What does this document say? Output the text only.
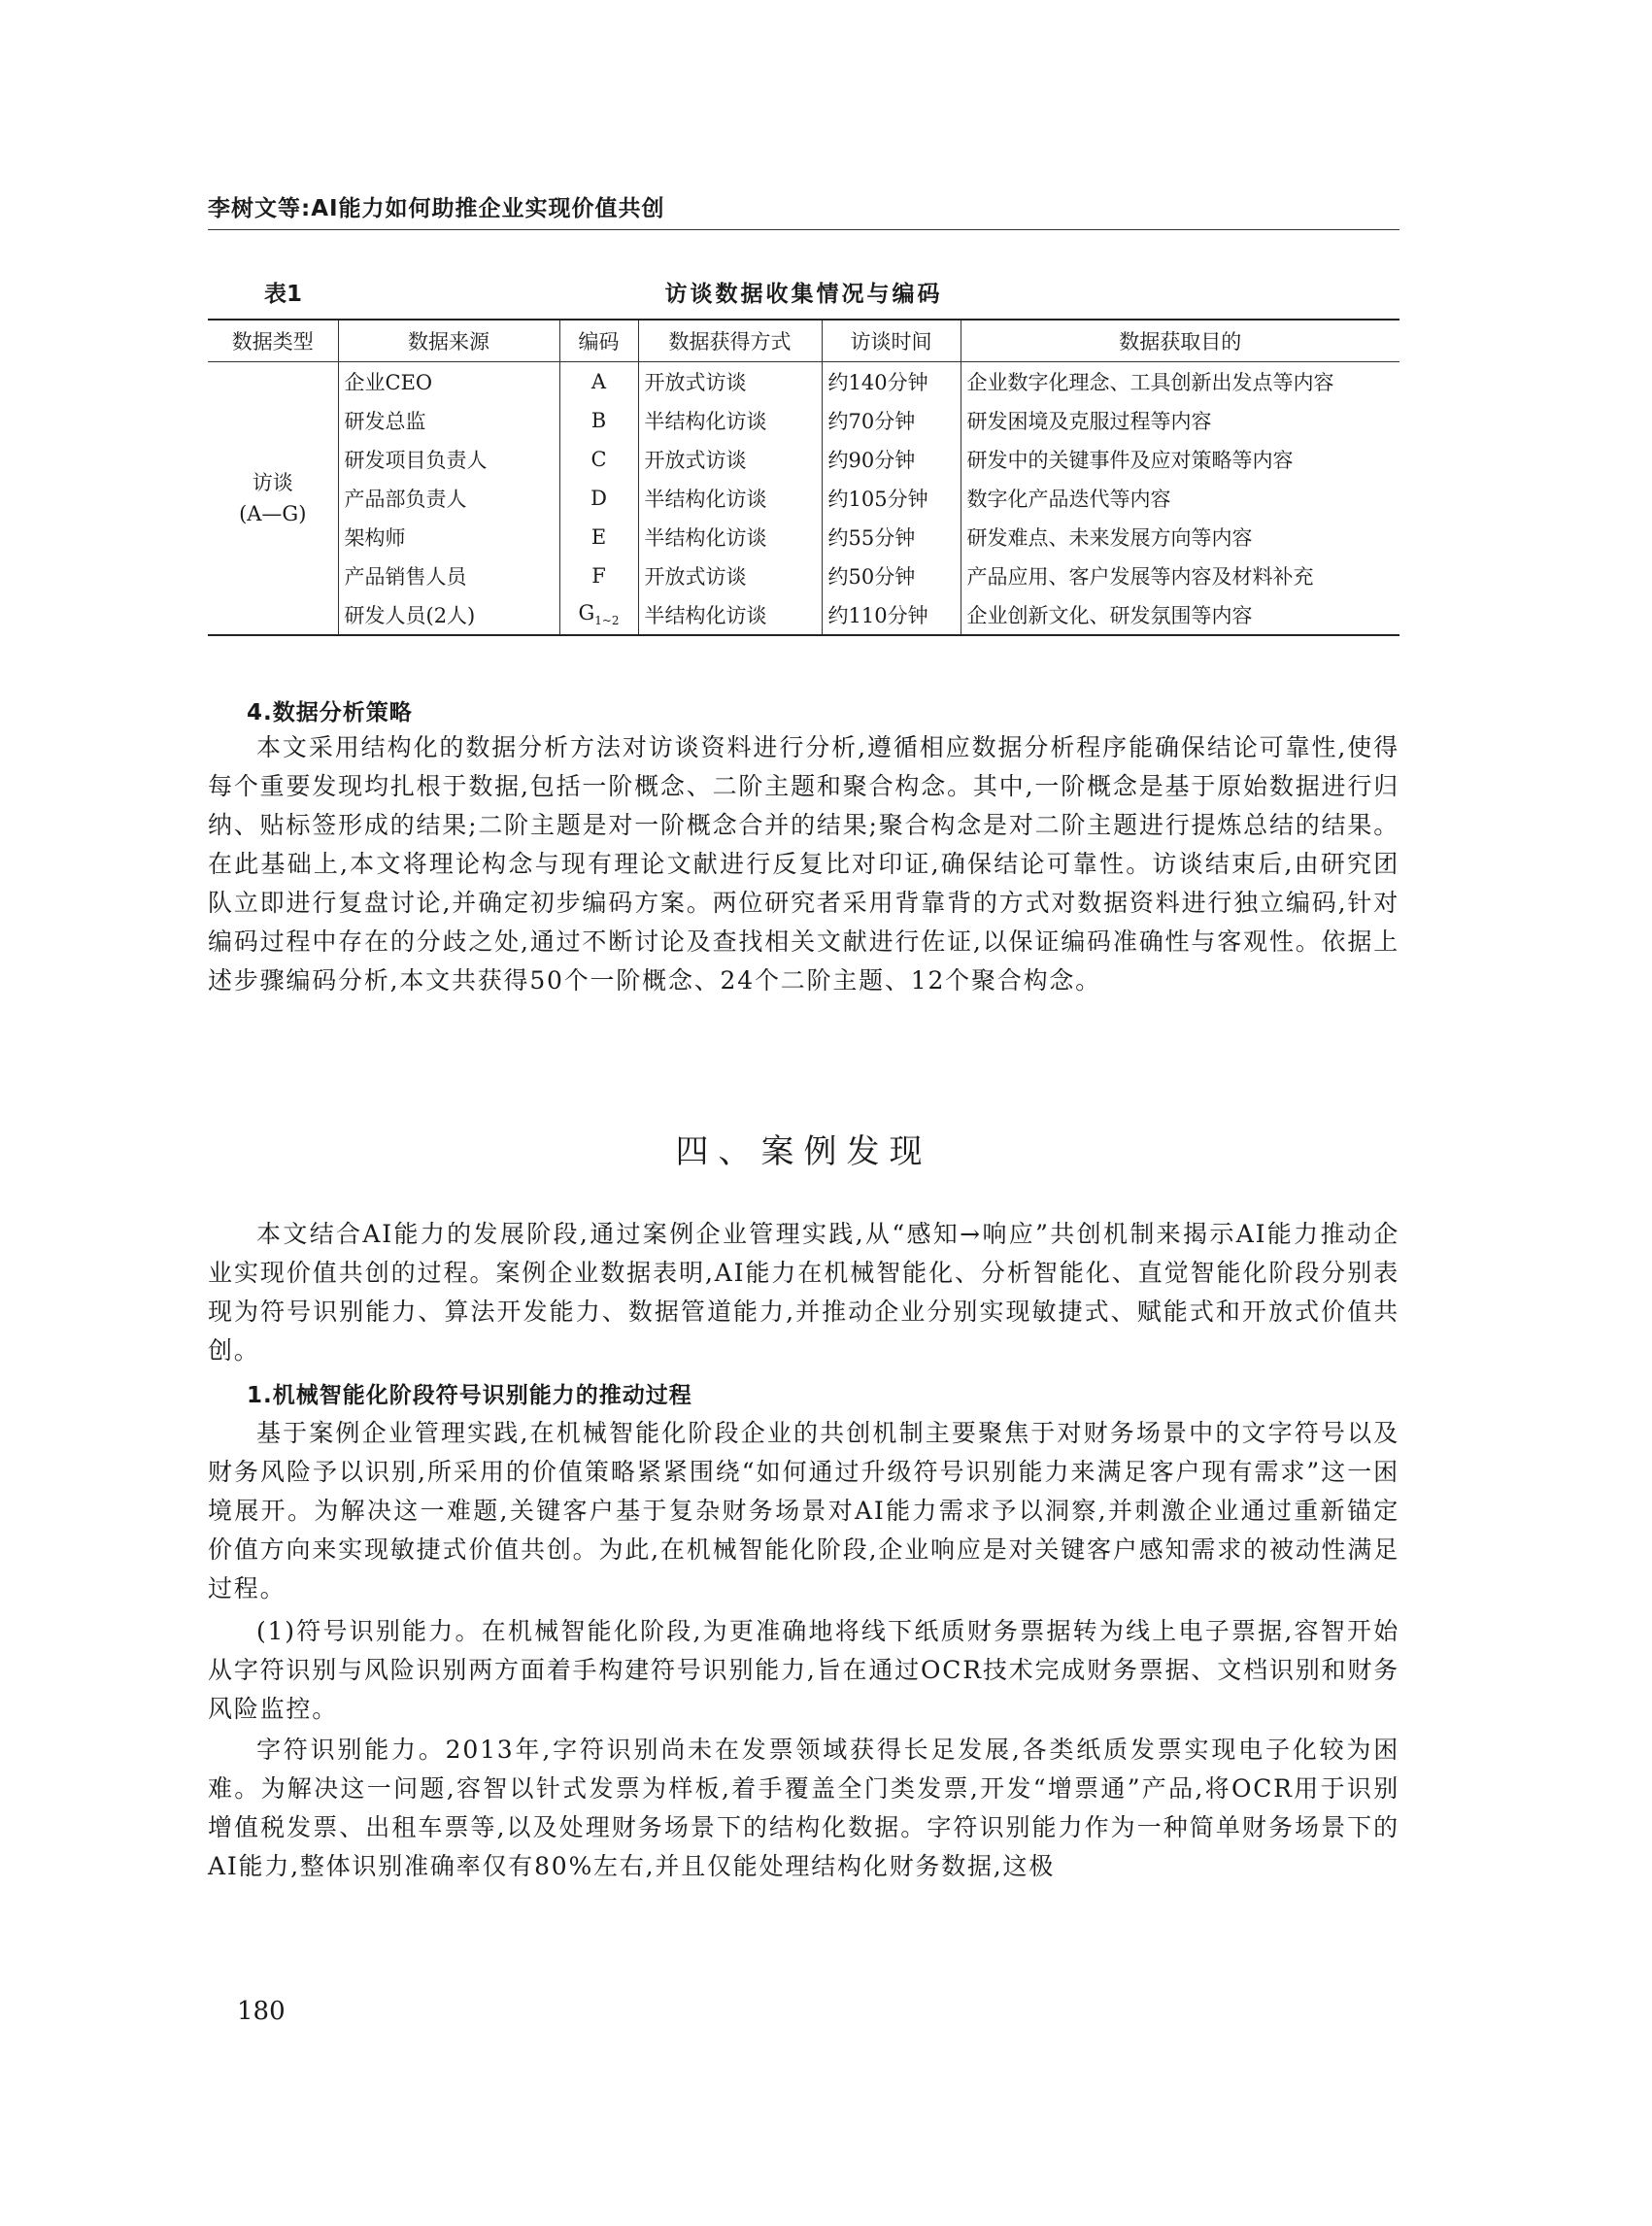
李树文等:AI能力如何助推企业实现价值共创
表1	访谈数据收集情况与编码
数据类型	数据来源	编码	数据获得方式	访谈时间	数据获取目的

访谈
(A—G)	企业CEO	A	开放式访谈	约140分钟	企业数字化理念、工具创新出发点等内容
	研发总监	B	半结构化访谈	约70分钟	研发困境及克服过程等内容
	研发项目负责人	C	开放式访谈	约90分钟	研发中的关键事件及应对策略等内容
	产品部负责人	D	半结构化访谈	约105分钟	数字化产品迭代等内容
	架构师	E	半结构化访谈	约55分钟	研发难点、未来发展方向等内容
	产品销售人员	F	开放式访谈	约50分钟	产品应用、客户发展等内容及材料补充
	研发人员(2人)	$G_{1\sim 2}$	半结构化访谈	约110分钟	企业创新文化、研发氛围等内容
4.数据分析策略

本文采用结构化的数据分析方法对访谈资料进行分析,遵循相应数据分析程序能确保结论可靠性,使得每个重要发现均扎根于数据,包括一阶概念、二阶主题和聚合构念。其中,一阶概念是基于原始数据进行归纳、贴标签形成的结果;二阶主题是对一阶概念合并的结果;聚合构念是对二阶主题进行提炼总结的结果。在此基础上,本文将理论构念与现有理论文献进行反复比对印证,确保结论可靠性。访谈结束后,由研究团队立即进行复盘讨论,并确定初步编码方案。两位研究者采用背靠背的方式对数据资料进行独立编码,针对编码过程中存在的分歧之处,通过不断讨论及查找相关文献进行佐证,以保证编码准确性与客观性。依据上述步骤编码分析,本文共获得50个一阶概念、24个二阶主题、12个聚合构念。

四、案例发现

本文结合AI能力的发展阶段,通过案例企业管理实践,从“感知→响应”共创机制来揭示AI能力推动企业实现价值共创的过程。案例企业数据表明,AI能力在机械智能化、分析智能化、直觉智能化阶段分别表现为符号识别能力、算法开发能力、数据管道能力,并推动企业分别实现敏捷式、赋能式和开放式价值共创。

1.机械智能化阶段符号识别能力的推动过程

基于案例企业管理实践,在机械智能化阶段企业的共创机制主要聚焦于对财务场景中的文字符号以及财务风险予以识别,所采用的价值策略紧紧围绕“如何通过升级符号识别能力来满足客户现有需求”这一困境展开。为解决这一难题,关键客户基于复杂财务场景对AI能力需求予以洞察,并刺激企业通过重新锚定价值方向来实现敏捷式价值共创。为此,在机械智能化阶段,企业响应是对关键客户感知需求的被动性满足过程。

(1)符号识别能力。在机械智能化阶段,为更准确地将线下纸质财务票据转为线上电子票据,容智开始从字符识别与风险识别两方面着手构建符号识别能力,旨在通过OCR技术完成财务票据、文档识别和财务风险监控。

字符识别能力。2013年,字符识别尚未在发票领域获得长足发展,各类纸质发票实现电子化较为困难。为解决这一问题,容智以针式发票为样板,着手覆盖全门类发票,开发“增票通”产品,将OCR用于识别增值税发票、出租车票等,以及处理财务场景下的结构化数据。字符识别能力作为一种简单财务场景下的AI能力,整体识别准确率仅有80%左右,并且仅能处理结构化财务数据,这极

180
